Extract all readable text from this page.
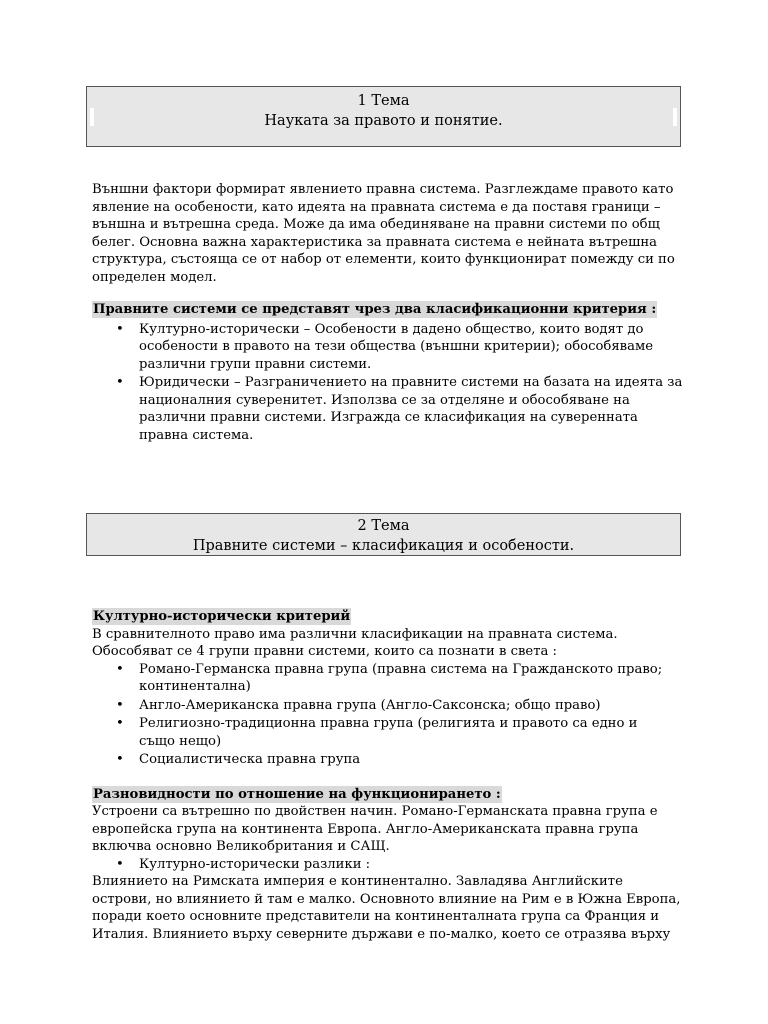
1 Тема
Науката за правото и понятие.
Външни фактори формират явлението правна система. Разглеждаме правото като
явление на особености, като идеята на правната система е да поставя граници –
външна и вътрешна среда. Може да има обединяване на правни системи по общ
белег. Основна важна характеристика за правната система е нейната вътрешна
структура, състояща се от набор от елементи, които функционират помежду си по
определен модел.

Правните системи се представят чрез два класификационни критерия :

• Културно-исторически – Особености в дадено общество, които водят до
особености в правото на тези общества (външни критерии); обособяваме
различни групи правни системи.
• Юридически – Разграничението на правните системи на базата на идеята за
националния суверенитет. Използва се за отделяне и обособяване на
различни правни системи. Изгражда се класификация на суверенната
правна система.
2 Тема
Правните системи – класификация и особености.

Културно-исторически критерий

В сравнителното право има различни класификации на правната система.
Обособяват се 4 групи правни системи, които са познати в света :
• Романо-Германска правна група (правна система на Гражданското право;
континентална)
• Англо-Американска правна група (Англо-Саксонска; общо право)
• Религиозно-традиционна правна група (религията и правото са едно и
също нещо)
• Социалистическа правна група

Разновидности по отношение на функционирането :

Устроени са вътрешно по двойствен начин. Романо-Германската правна група е
европейска група на континента Европа. Англо-Американската правна група
включва основно Великобритания и САЩ.
• Културно-исторически разлики :
Влиянието на Римската империя е континентално. Завладява Английските
острови, но влиянието й там е малко. Основното влияние на Рим е в Южна Европа,
поради което основните представители на континенталната група са Франция и
Италия. Влиянието върху северните държави е по-малко, което се отразява върху
